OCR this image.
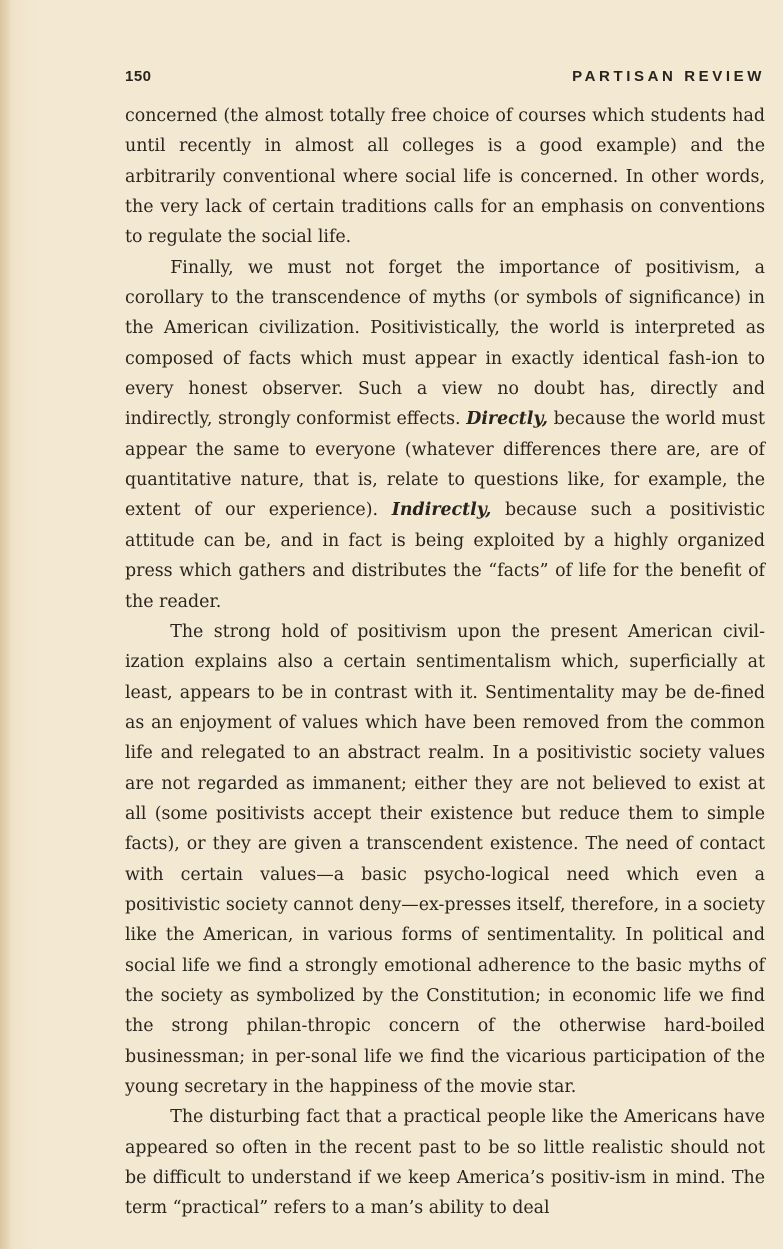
150	PARTISAN REVIEW

concerned (the almost totally free choice of courses which students had until recently in almost all colleges is a good example) and the arbitrarily conventional where social life is concerned. In other words, the very lack of certain traditions calls for an emphasis on conventions to regulate the social life.

Finally, we must not forget the importance of positivism, a corollary to the transcendence of myths (or symbols of significance) in the American civilization. Positivistically, the world is interpreted as composed of facts which must appear in exactly identical fash-ion to every honest observer. Such a view no doubt has, directly and indirectly, strongly conformist effects. Directly, because the world must appear the same to everyone (whatever differences there are, are of quantitative nature, that is, relate to questions like, for example, the extent of our experience). Indirectly, because such a positivistic attitude can be, and in fact is being exploited by a highly organized press which gathers and distributes the “facts” of life for the benefit of the reader.

The strong hold of positivism upon the present American civil-ization explains also a certain sentimentalism which, superficially at least, appears to be in contrast with it. Sentimentality may be de-fined as an enjoyment of values which have been removed from the common life and relegated to an abstract realm. In a positivistic society values are not regarded as immanent; either they are not believed to exist at all (some positivists accept their existence but reduce them to simple facts), or they are given a transcendent existence. The need of contact with certain values—a basic psycho-logical need which even a positivistic society cannot deny—ex-presses itself, therefore, in a society like the American, in various forms of sentimentality. In political and social life we find a strongly emotional adherence to the basic myths of the society as symbolized by the Constitution; in economic life we find the strong philan-thropic concern of the otherwise hard-boiled businessman; in per-sonal life we find the vicarious participation of the young secretary in the happiness of the movie star.

The disturbing fact that a practical people like the Americans have appeared so often in the recent past to be so little realistic should not be difficult to understand if we keep America’s positiv-ism in mind. The term “practical” refers to a man’s ability to deal
